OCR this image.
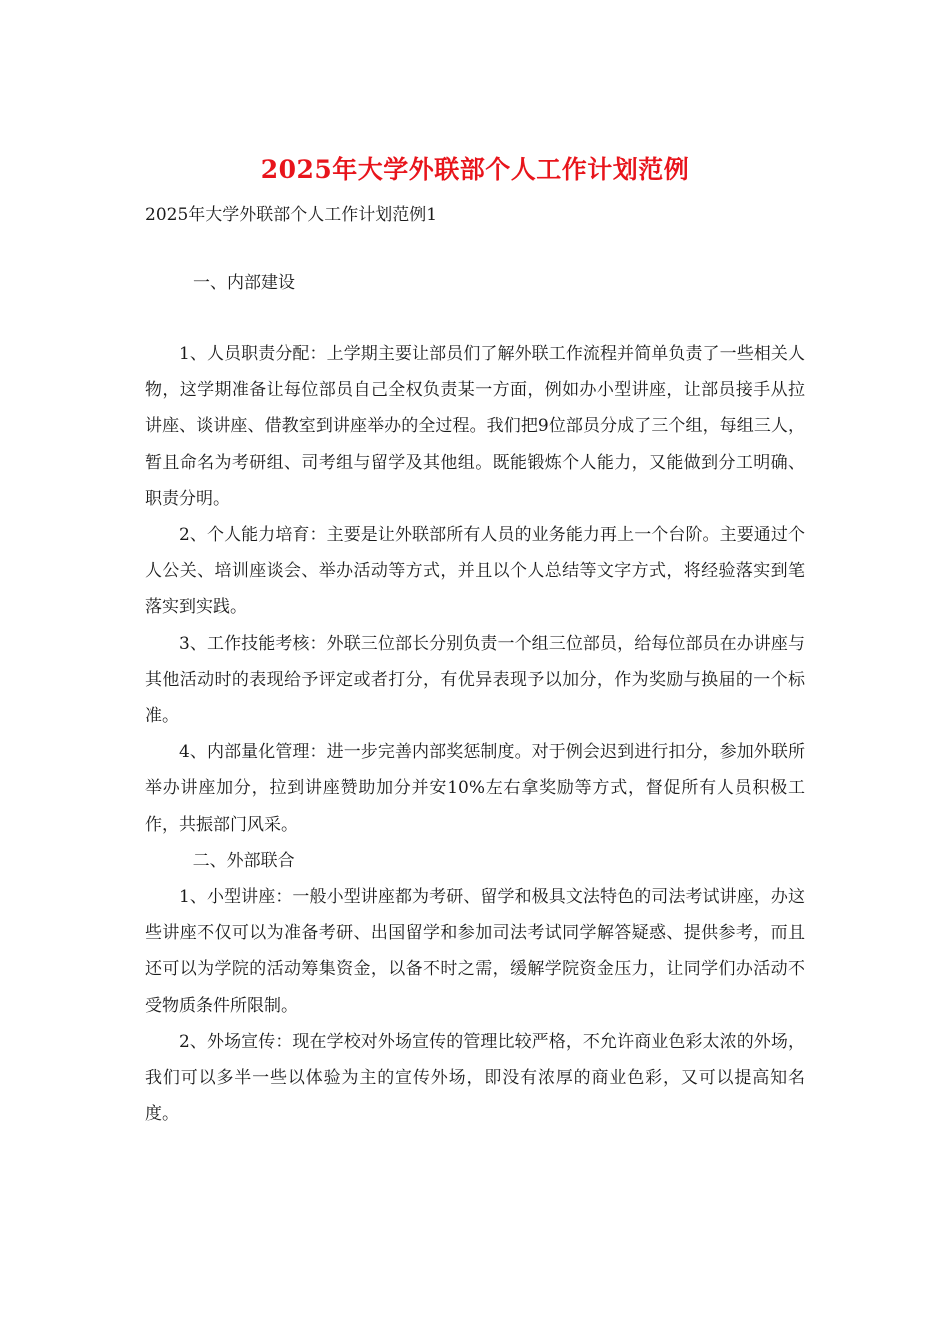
2025年大学外联部个人工作计划范例
2025年大学外联部个人工作计划范例1
一、内部建设

1、人员职责分配：上学期主要让部员们了解外联工作流程并简单负责了一些相关人物，这学期准备让每位部员自己全权负责某一方面，例如办小型讲座，让部员接手从拉讲座、谈讲座、借教室到讲座举办的全过程。我们把9位部员分成了三个组，每组三人，暂且命名为考研组、司考组与留学及其他组。既能锻炼个人能力，又能做到分工明确、职责分明。

2、个人能力培育：主要是让外联部所有人员的业务能力再上一个台阶。主要通过个人公关、培训座谈会、举办活动等方式，并且以个人总结等文字方式，将经验落实到笔落实到实践。

3、工作技能考核：外联三位部长分别负责一个组三位部员，给每位部员在办讲座与其他活动时的表现给予评定或者打分，有优异表现予以加分，作为奖励与换届的一个标准。

4、内部量化管理：进一步完善内部奖惩制度。对于例会迟到进行扣分，参加外联所举办讲座加分，拉到讲座赞助加分并安10%左右拿奖励等方式，督促所有人员积极工作，共振部门风采。

二、外部联合

1、小型讲座：一般小型讲座都为考研、留学和极具文法特色的司法考试讲座，办这些讲座不仅可以为准备考研、出国留学和参加司法考试同学解答疑惑、提供参考，而且还可以为学院的活动筹集资金，以备不时之需，缓解学院资金压力，让同学们办活动不受物质条件所限制。

2、外场宣传：现在学校对外场宣传的管理比较严格，不允许商业色彩太浓的外场，我们可以多半一些以体验为主的宣传外场，即没有浓厚的商业色彩，又可以提高知名度。
